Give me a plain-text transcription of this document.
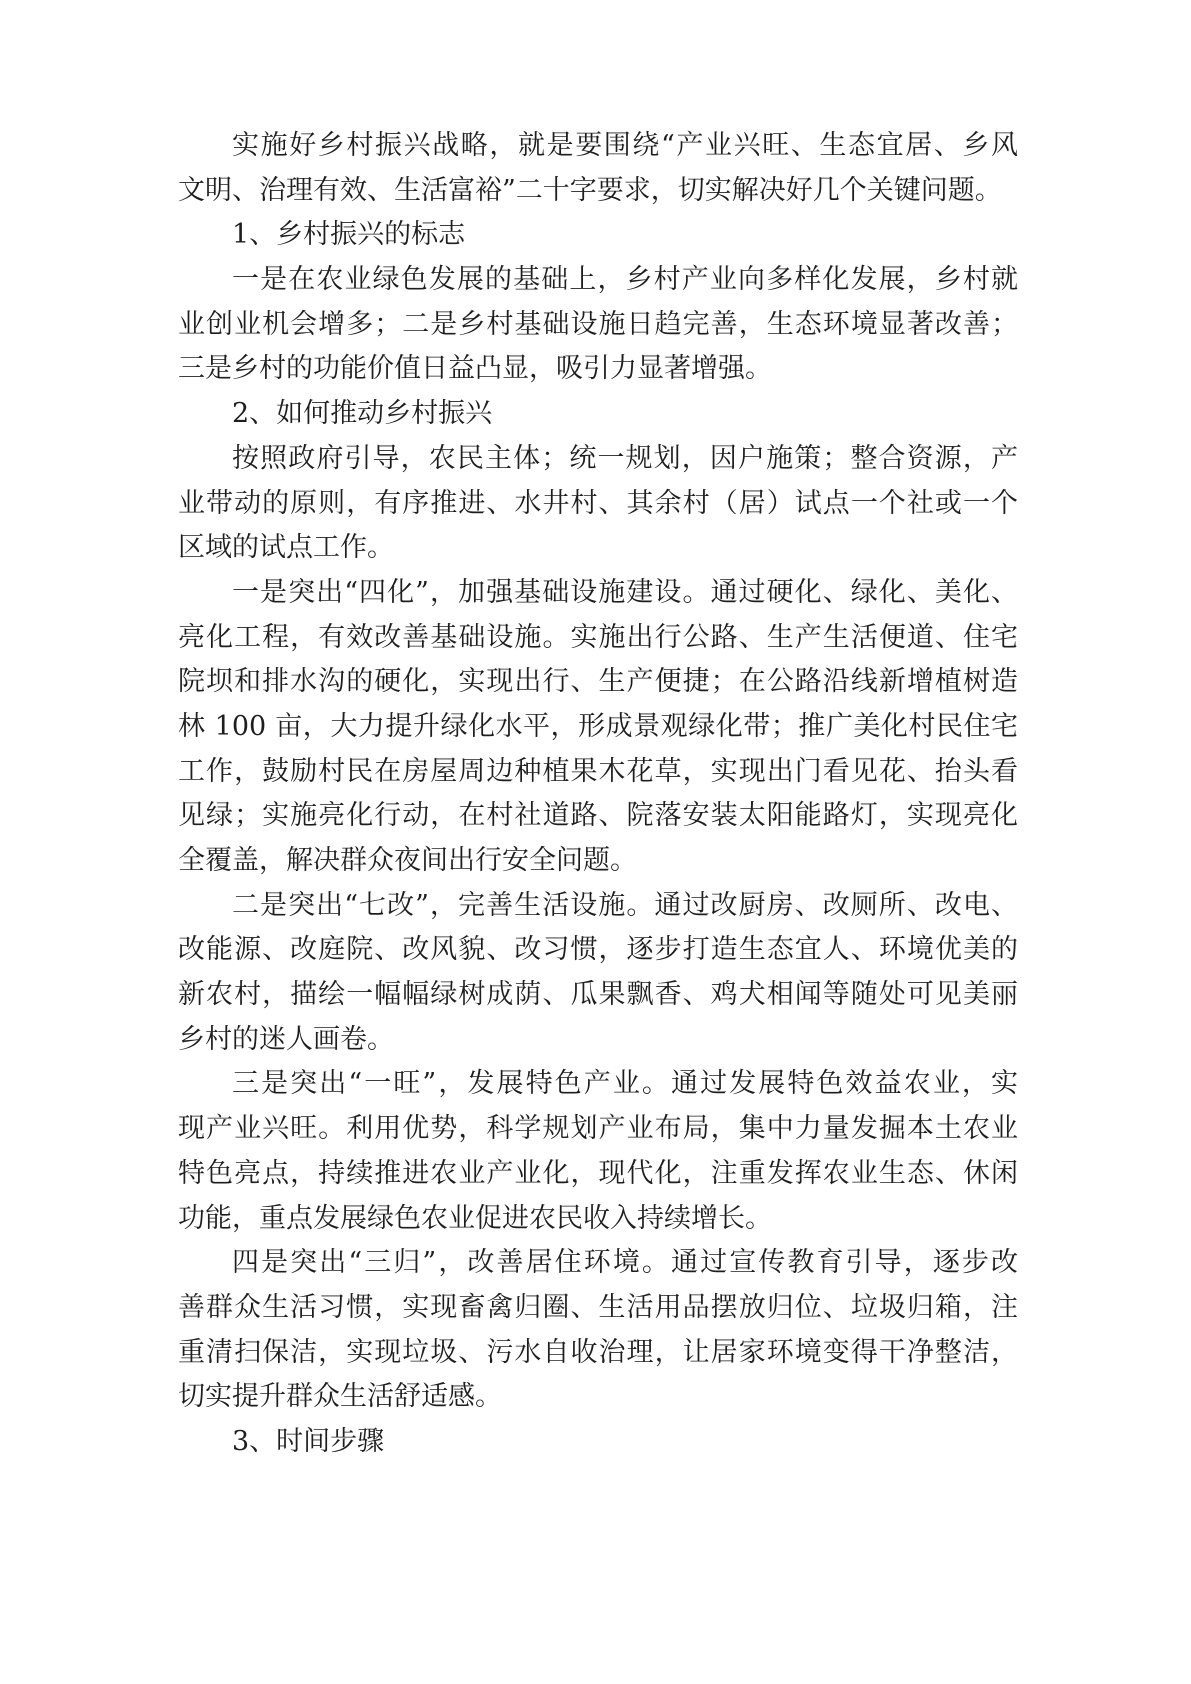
实施好乡村振兴战略，就是要围绕“产业兴旺、生态宜居、乡风
文明、治理有效、生活富裕”二十字要求，切实解决好几个关键问题。
1、乡村振兴的标志
一是在农业绿色发展的基础上，乡村产业向多样化发展，乡村就
业创业机会增多；二是乡村基础设施日趋完善，生态环境显著改善；
三是乡村的功能价值日益凸显，吸引力显著增强。
2、如何推动乡村振兴
按照政府引导，农民主体；统一规划，因户施策；整合资源，产
业带动的原则，有序推进、水井村、其余村（居）试点一个社或一个
区域的试点工作。
一是突出“四化”，加强基础设施建设。通过硬化、绿化、美化、
亮化工程，有效改善基础设施。实施出行公路、生产生活便道、住宅
院坝和排水沟的硬化，实现出行、生产便捷；在公路沿线新增植树造
林 100 亩，大力提升绿化水平，形成景观绿化带；推广美化村民住宅
工作，鼓励村民在房屋周边种植果木花草，实现出门看见花、抬头看
见绿；实施亮化行动，在村社道路、院落安装太阳能路灯，实现亮化
全覆盖，解决群众夜间出行安全问题。
二是突出“七改”，完善生活设施。通过改厨房、改厕所、改电、
改能源、改庭院、改风貌、改习惯，逐步打造生态宜人、环境优美的
新农村，描绘一幅幅绿树成荫、瓜果飘香、鸡犬相闻等随处可见美丽
乡村的迷人画卷。
三是突出“一旺”，发展特色产业。通过发展特色效益农业，实
现产业兴旺。利用优势，科学规划产业布局，集中力量发掘本土农业
特色亮点，持续推进农业产业化，现代化，注重发挥农业生态、休闲
功能，重点发展绿色农业促进农民收入持续增长。
四是突出“三归”，改善居住环境。通过宣传教育引导，逐步改
善群众生活习惯，实现畜禽归圈、生活用品摆放归位、垃圾归箱，注
重清扫保洁，实现垃圾、污水自收治理，让居家环境变得干净整洁，
切实提升群众生活舒适感。
3、时间步骤
